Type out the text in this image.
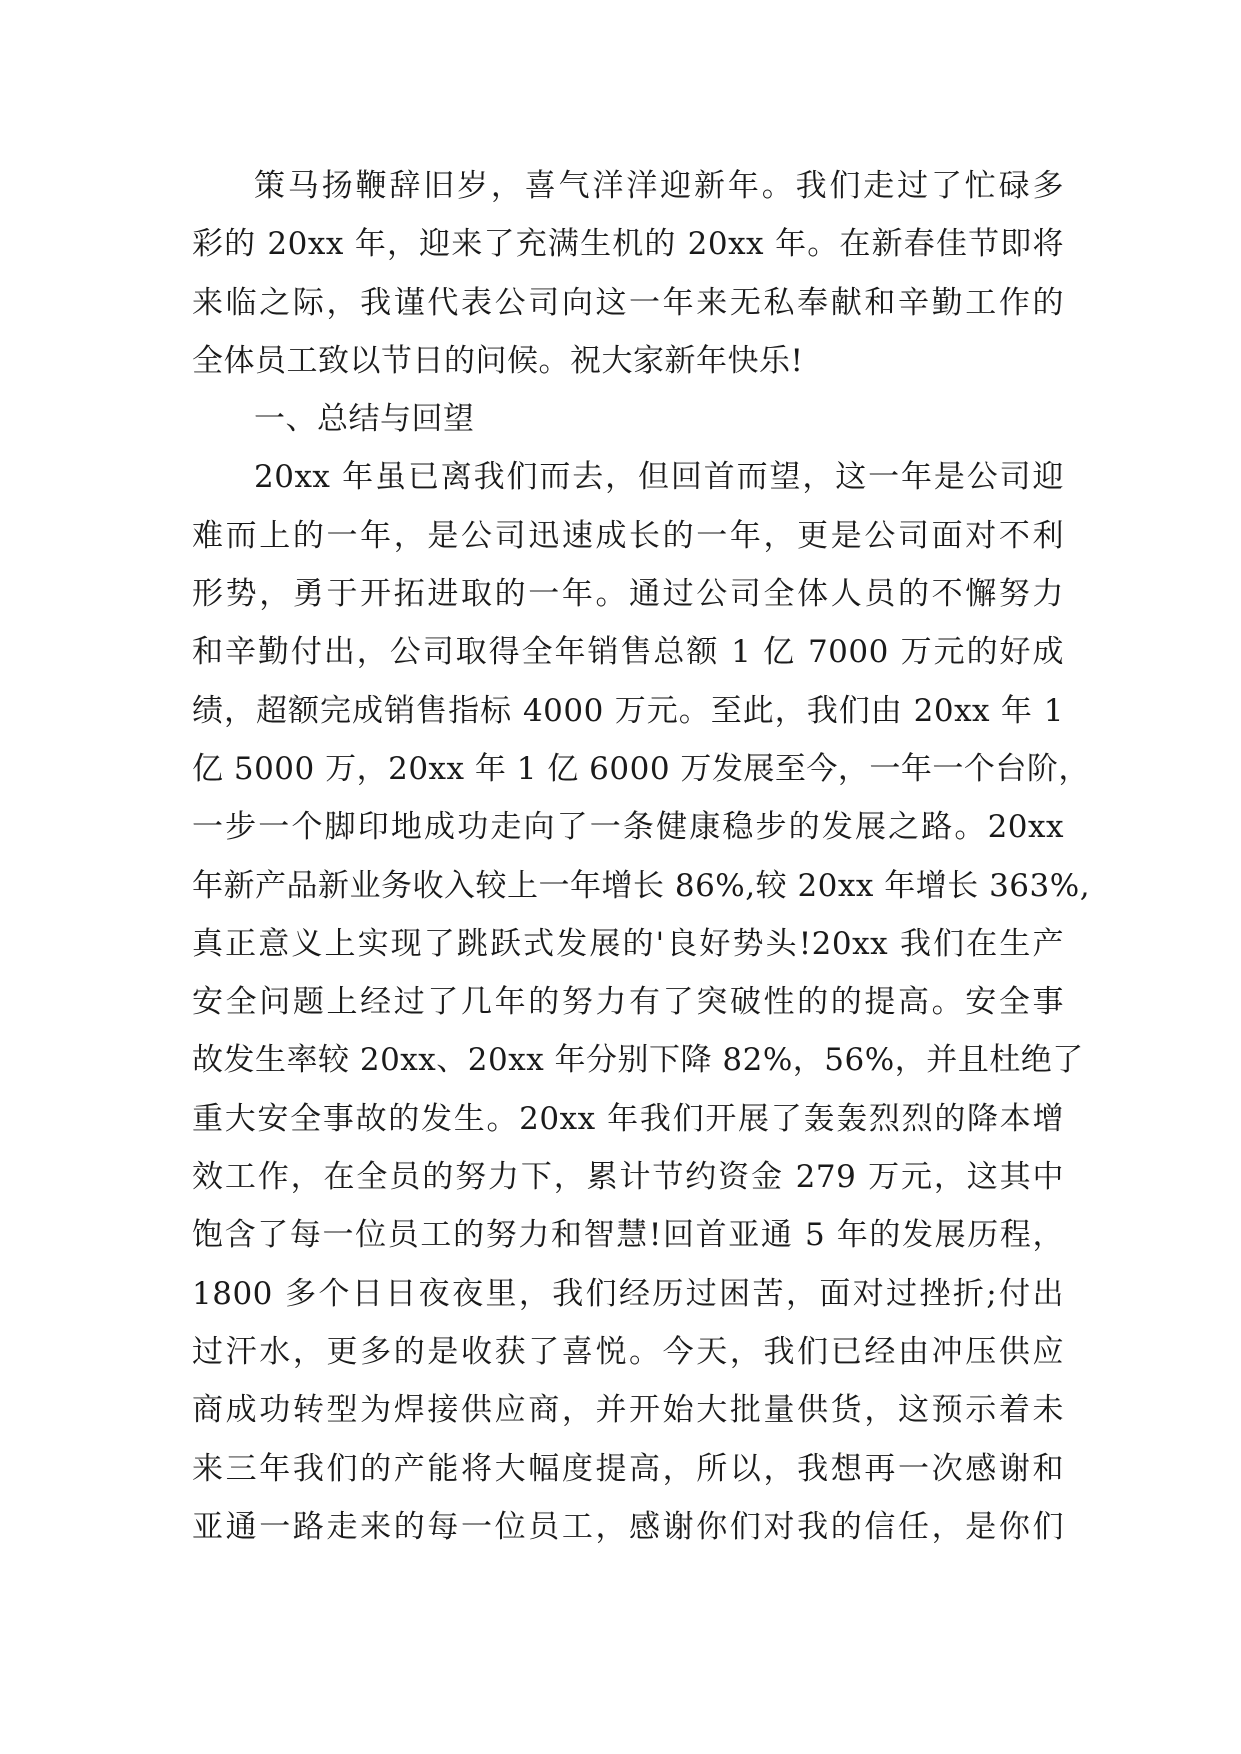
策马扬鞭辞旧岁，喜气洋洋迎新年。我们走过了忙碌多
彩的 20xx 年，迎来了充满生机的 20xx 年。在新春佳节即将
来临之际，我谨代表公司向这一年来无私奉献和辛勤工作的
全体员工致以节日的问候。祝大家新年快乐!
一、总结与回望
20xx 年虽已离我们而去，但回首而望，这一年是公司迎
难而上的一年，是公司迅速成长的一年，更是公司面对不利
形势，勇于开拓进取的一年。通过公司全体人员的不懈努力
和辛勤付出，公司取得全年销售总额 1 亿 7000 万元的好成
绩，超额完成销售指标 4000 万元。至此，我们由 20xx 年 1
亿 5000 万，20xx 年 1 亿 6000 万发展至今，一年一个台阶，
一步一个脚印地成功走向了一条健康稳步的发展之路。20xx
年新产品新业务收入较上一年增长 86%,较 20xx 年增长 363%,
真正意义上实现了跳跃式发展的'良好势头!20xx 我们在生产
安全问题上经过了几年的努力有了突破性的的提高。安全事
故发生率较 20xx、20xx 年分别下降 82%，56%，并且杜绝了
重大安全事故的发生。20xx 年我们开展了轰轰烈烈的降本增
效工作，在全员的努力下，累计节约资金 279 万元，这其中
饱含了每一位员工的努力和智慧!回首亚通 5 年的发展历程，
1800 多个日日夜夜里，我们经历过困苦，面对过挫折;付出
过汗水，更多的是收获了喜悦。今天，我们已经由冲压供应
商成功转型为焊接供应商，并开始大批量供货，这预示着未
来三年我们的产能将大幅度提高，所以，我想再一次感谢和
亚通一路走来的每一位员工，感谢你们对我的信任，是你们
